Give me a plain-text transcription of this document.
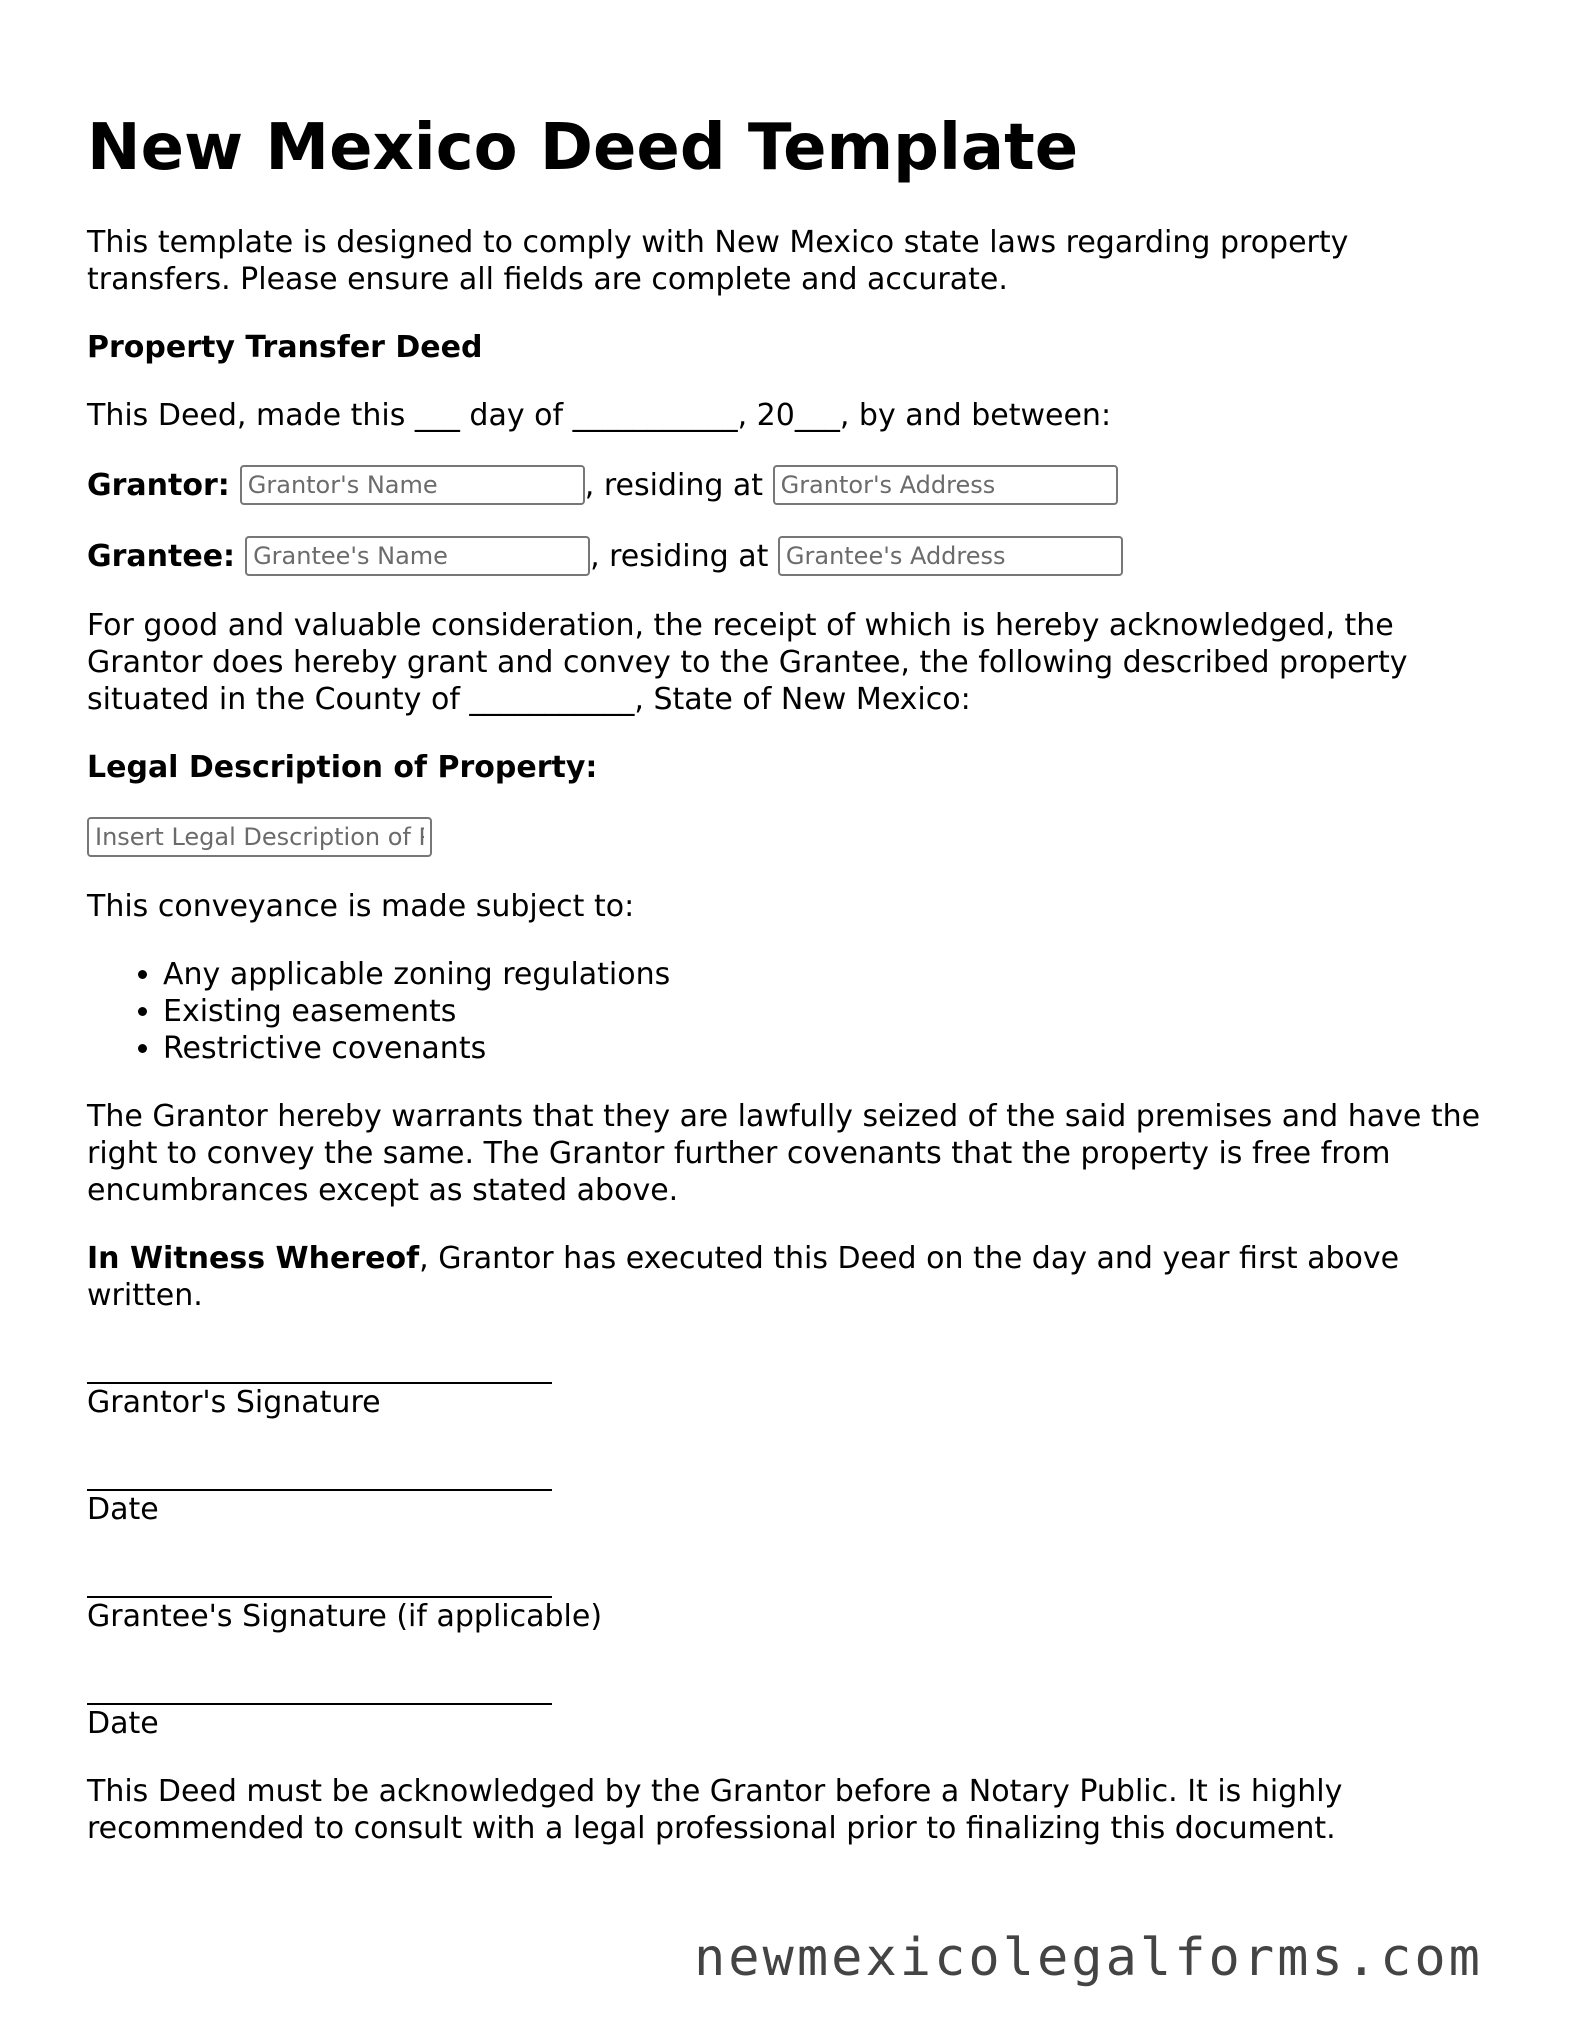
New Mexico Deed Template

This template is designed to comply with New Mexico state laws regarding property transfers. Please ensure all fields are complete and accurate.

Property Transfer Deed

This Deed, made this ___ day of ___________, 20___, by and between:

Grantor:
Grantor's Name	, residing at
Grantor's Address
Grantee:
Grantee's Name	, residing at
Grantee's Address

For good and valuable consideration, the receipt of which is hereby acknowledged, the Grantor does hereby grant and convey to the Grantee, the following described property situated in the County of ___________, State of New Mexico:

Legal Description of Property:

Insert Legal Description of Property

This conveyance is made subject to:

• Any applicable zoning regulations
• Existing easements
• Restrictive covenants

The Grantor hereby warrants that they are lawfully seized of the said premises and have the right to convey the same. The Grantor further covenants that the property is free from encumbrances except as stated above.

In Witness Whereof, Grantor has executed this Deed on the day and year first above written.

Grantor's Signature
Date
Grantee's Signature (if applicable)
Date

This Deed must be acknowledged by the Grantor before a Notary Public. It is highly recommended to consult with a legal professional prior to finalizing this document.

newmexicolegalforms.com
